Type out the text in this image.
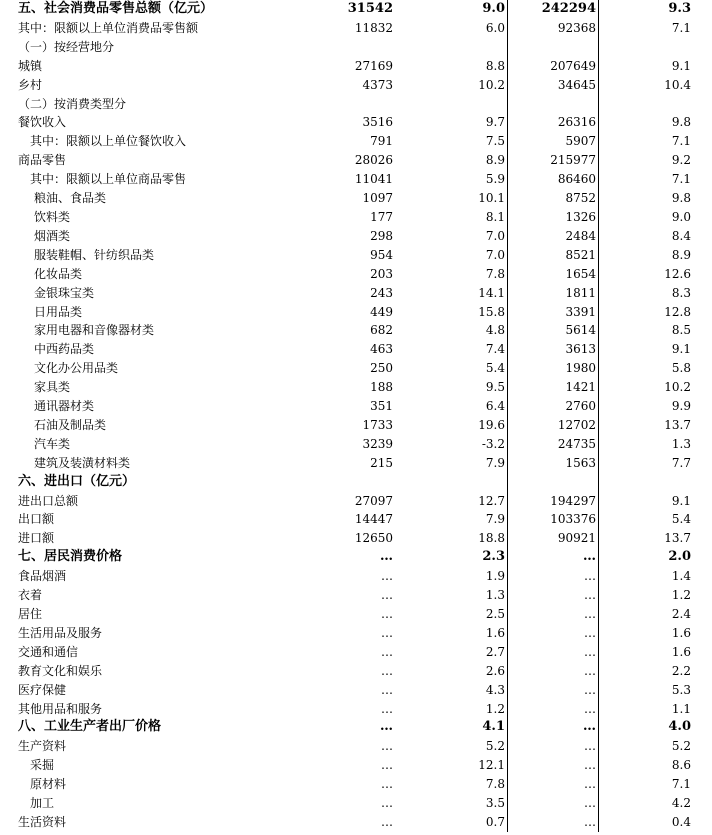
五、社会消费品零售总额（亿元）	31542	9.0	242294	9.3	
其中：限额以上单位消费品零售额	11832	6.0	92368	7.1	
（一）按经营地分					
城镇	27169	8.8	207649	9.1	
乡村	4373	10.2	34645	10.4	
（二）按消费类型分					
餐饮收入	3516	9.7	26316	9.8	
其中：限额以上单位餐饮收入	791	7.5	5907	7.1	
商品零售	28026	8.9	215977	9.2	
其中：限额以上单位商品零售	11041	5.9	86460	7.1	
粮油、食品类	1097	10.1	8752	9.8	
饮料类	177	8.1	1326	9.0	
烟酒类	298	7.0	2484	8.4	
服装鞋帽、针纺织品类	954	7.0	8521	8.9	
化妆品类	203	7.8	1654	12.6	
金银珠宝类	243	14.1	1811	8.3	
日用品类	449	15.8	3391	12.8	
家用电器和音像器材类	682	4.8	5614	8.5	
中西药品类	463	7.4	3613	9.1	
文化办公用品类	250	5.4	1980	5.8	
家具类	188	9.5	1421	10.2	
通讯器材类	351	6.4	2760	9.9	
石油及制品类	1733	19.6	12702	13.7	
汽车类	3239	-3.2	24735	1.3	
建筑及装潢材料类	215	7.9	1563	7.7	
六、进出口（亿元）					
进出口总额	27097	12.7	194297	9.1	
出口额	14447	7.9	103376	5.4	
进口额	12650	18.8	90921	13.7	
七、居民消费价格	…	2.3	…	2.0	
食品烟酒	…	1.9	…	1.4	
衣着	…	1.3	…	1.2	
居住	…	2.5	…	2.4	
生活用品及服务	…	1.6	…	1.6	
交通和通信	…	2.7	…	1.6	
教育文化和娱乐	…	2.6	…	2.2	
医疗保健	…	4.3	…	5.3	
其他用品和服务	…	1.2	…	1.1	
八、工业生产者出厂价格	…	4.1	…	4.0	
生产资料	…	5.2	…	5.2	
采掘	…	12.1	…	8.6	
原材料	…	7.8	…	7.1	
加工	…	3.5	…	4.2	
生活资料	…	0.7	…	0.4	
